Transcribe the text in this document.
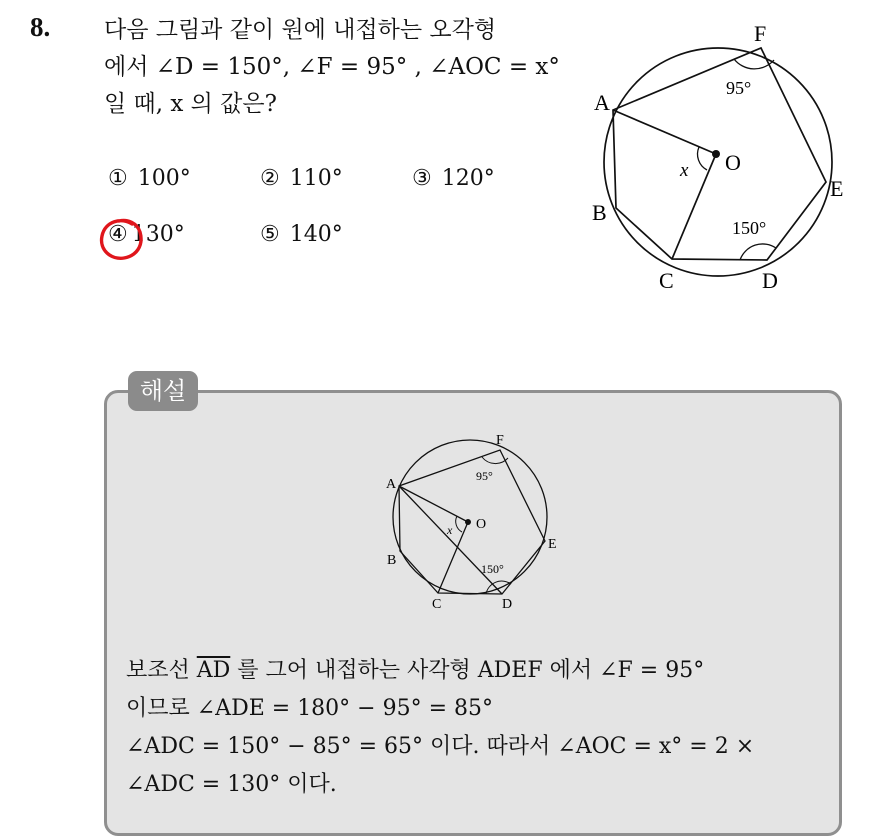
8. 다음 그림과 같이 원에 내접하는 오각형
에서 ∠D = 150°, ∠F = 95° , ∠AOC = x°
일 때, x 의 값은?
① 100°	② 110°	③ 120°
④ 130°	⑤ 140°
A
B
C	D
E
F
O
95°
150°
x
해설
A
B
C	D
E
F
O
95°
150°
x
보조선 $\overline{AD}$ 를 그어 내접하는 사각형 ADEF 에서 ∠F = 95°
이므로 ∠ADE = 180° − 95° = 85°
∠ADC = 150° − 85° = 65° 이다. 따라서 ∠AOC = x° = 2 ×
∠ADC = 130° 이다.
